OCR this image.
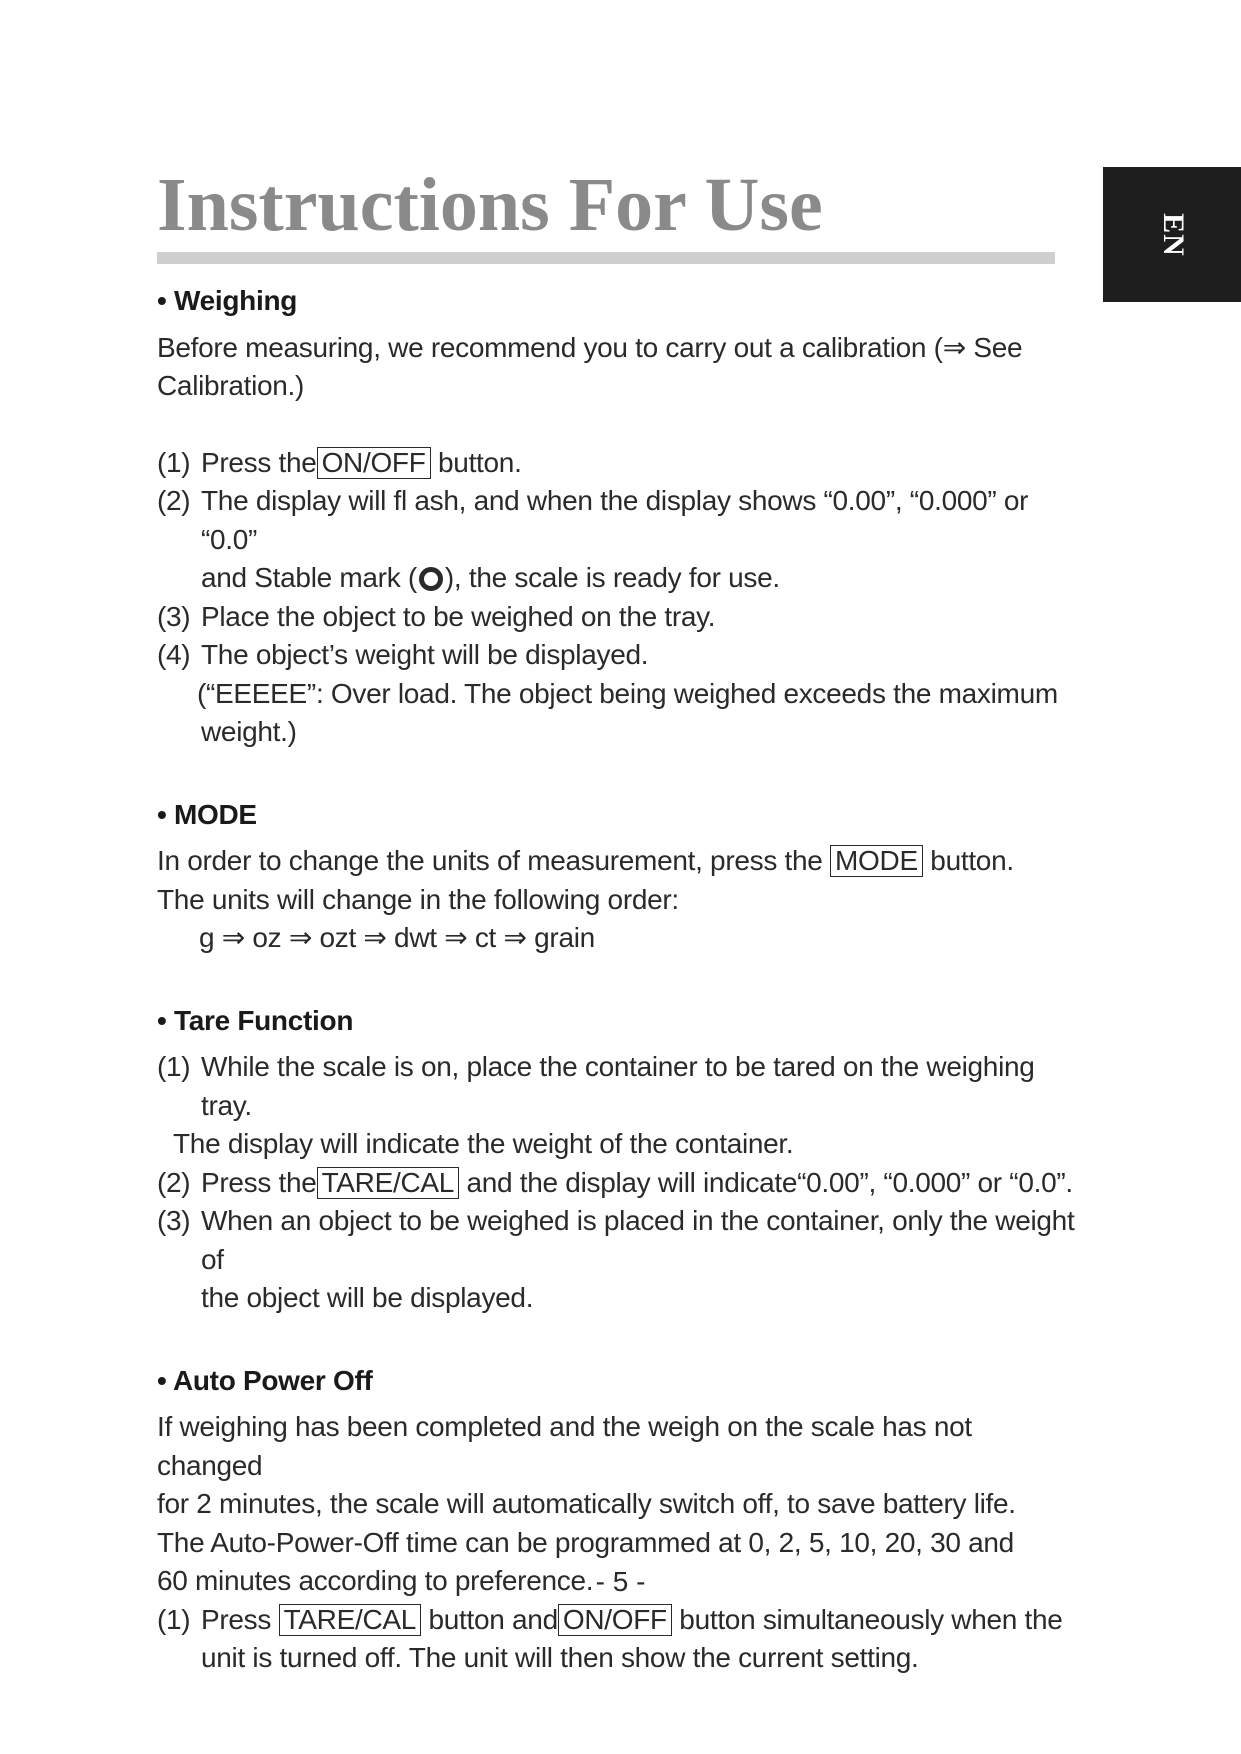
Instructions For Use	EN

• Weighing

Before measuring, we recommend you to carry out a calibration (⇒ See

Calibration.)

(1) Press the ON/OFF button.
(2) The display will fl ash, and when the display shows “0.00”, “0.000” or “0.0”

and Stable mark ( ), the scale is ready for use.

(3) Place the object to be weighed on the tray.
(4) The object’s weight will be displayed.

(“EEEEE”: Over load. The object being weighed exceeds the maximum

weight.)

• MODE

In order to change the units of measurement, press the MODE button.

The units will change in the following order:

g ⇒ oz ⇒ ozt ⇒ dwt ⇒ ct ⇒ grain

• Tare Function

(1) While the scale is on, place the container to be tared on the weighing tray.

The display will indicate the weight of the container.

(2) Press the TARE/CAL and the display will indicate“0.00”, “0.000” or “0.0”.
(3) When an object to be weighed is placed in the container, only the weight of

the object will be displayed.

• Auto Power Off

If weighing has been completed and the weigh on the scale has not changed

for 2 minutes, the scale will automatically switch off, to save battery life.

The Auto-Power-Off time can be programmed at 0, 2, 5, 10, 20, 30 and

60 minutes according to preference.

(1) Press TARE/CAL button and ON/OFF button simultaneously when the

unit is turned off. The unit will then show the current setting.

- 5 -
